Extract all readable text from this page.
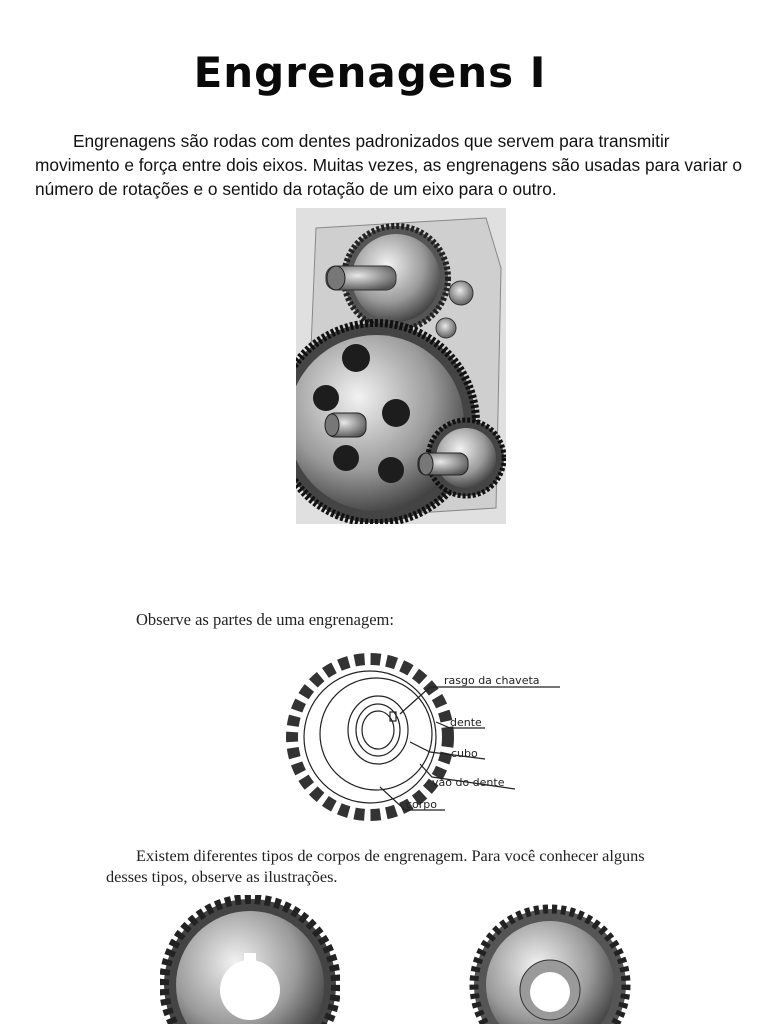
Engrenagens I

Engrenagens são rodas com dentes padronizados que servem para transmitir movimento e força entre dois eixos. Muitas vezes, as engrenagens são usadas para variar o número de rotações e o sentido da rotação de um eixo para o outro.

Observe as partes de uma engrenagem:
rasgo da chaveta
dente
cubo
vão do dente
corpo

Existem diferentes tipos de corpos de engrenagem. Para você conhecer alguns desses tipos, observe as ilustrações.
